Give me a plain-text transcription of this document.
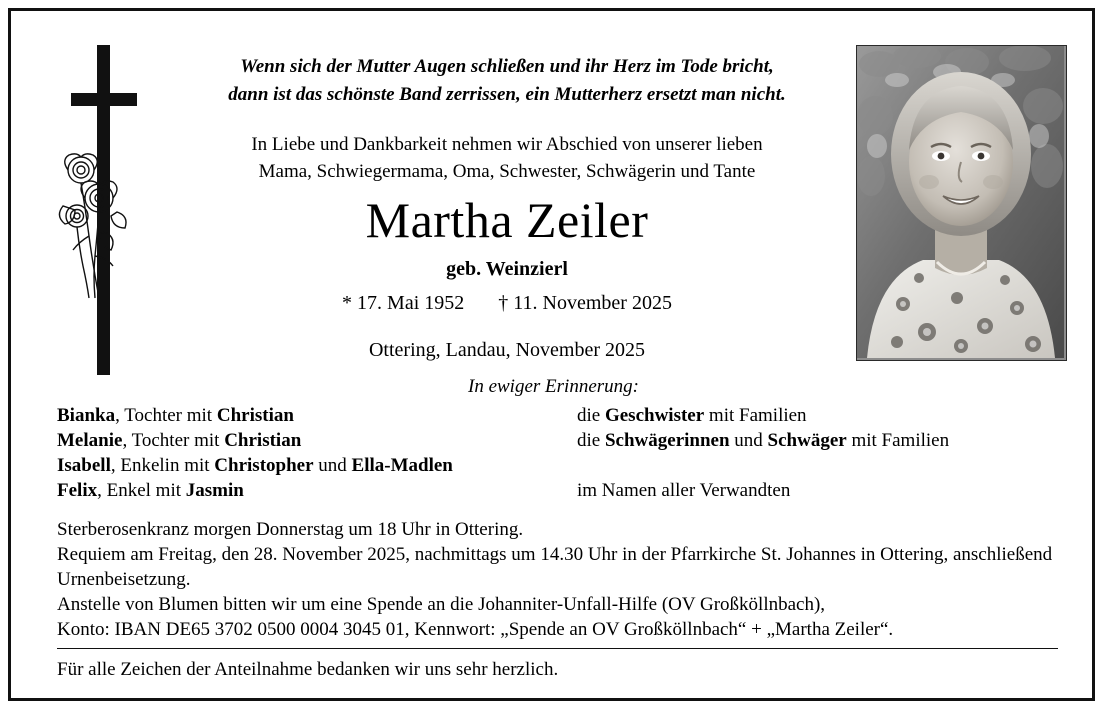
Wenn sich der Mutter Augen schließen und ihr Herz im Tode bricht,
dann ist das schönste Band zerrissen, ein Mutterherz ersetzt man nicht.
In Liebe und Dankbarkeit nehmen wir Abschied von unserer lieben
Mama, Schwiegermama, Oma, Schwester, Schwägerin und Tante
Martha Zeiler
geb. Weinzierl
* 17. Mai 1952 † 11. November 2025
Ottering, Landau, November 2025
In ewiger Erinnerung:
Bianka, Tochter mit Christian	die Geschwister mit Familien
Melanie, Tochter mit Christian	die Schwägerinnen und Schwäger mit Familien
Isabell, Enkelin mit Christopher und Ella-Madlen
Felix, Enkel mit Jasmin	im Namen aller Verwandten
Sterberosenkranz morgen Donnerstag um 18 Uhr in Ottering.
Requiem am Freitag, den 28. November 2025, nachmittags um 14.30 Uhr in der Pfarrkirche St. Johannes in Ottering, anschließend Urnenbeisetzung.
Anstelle von Blumen bitten wir um eine Spende an die Johanniter-Unfall-Hilfe (OV Großköllnbach),
Konto: IBAN DE65 3702 0500 0004 3045 01, Kennwort: „Spende an OV Großköllnbach“ + „Martha Zeiler“.
Für alle Zeichen der Anteilnahme bedanken wir uns sehr herzlich.
